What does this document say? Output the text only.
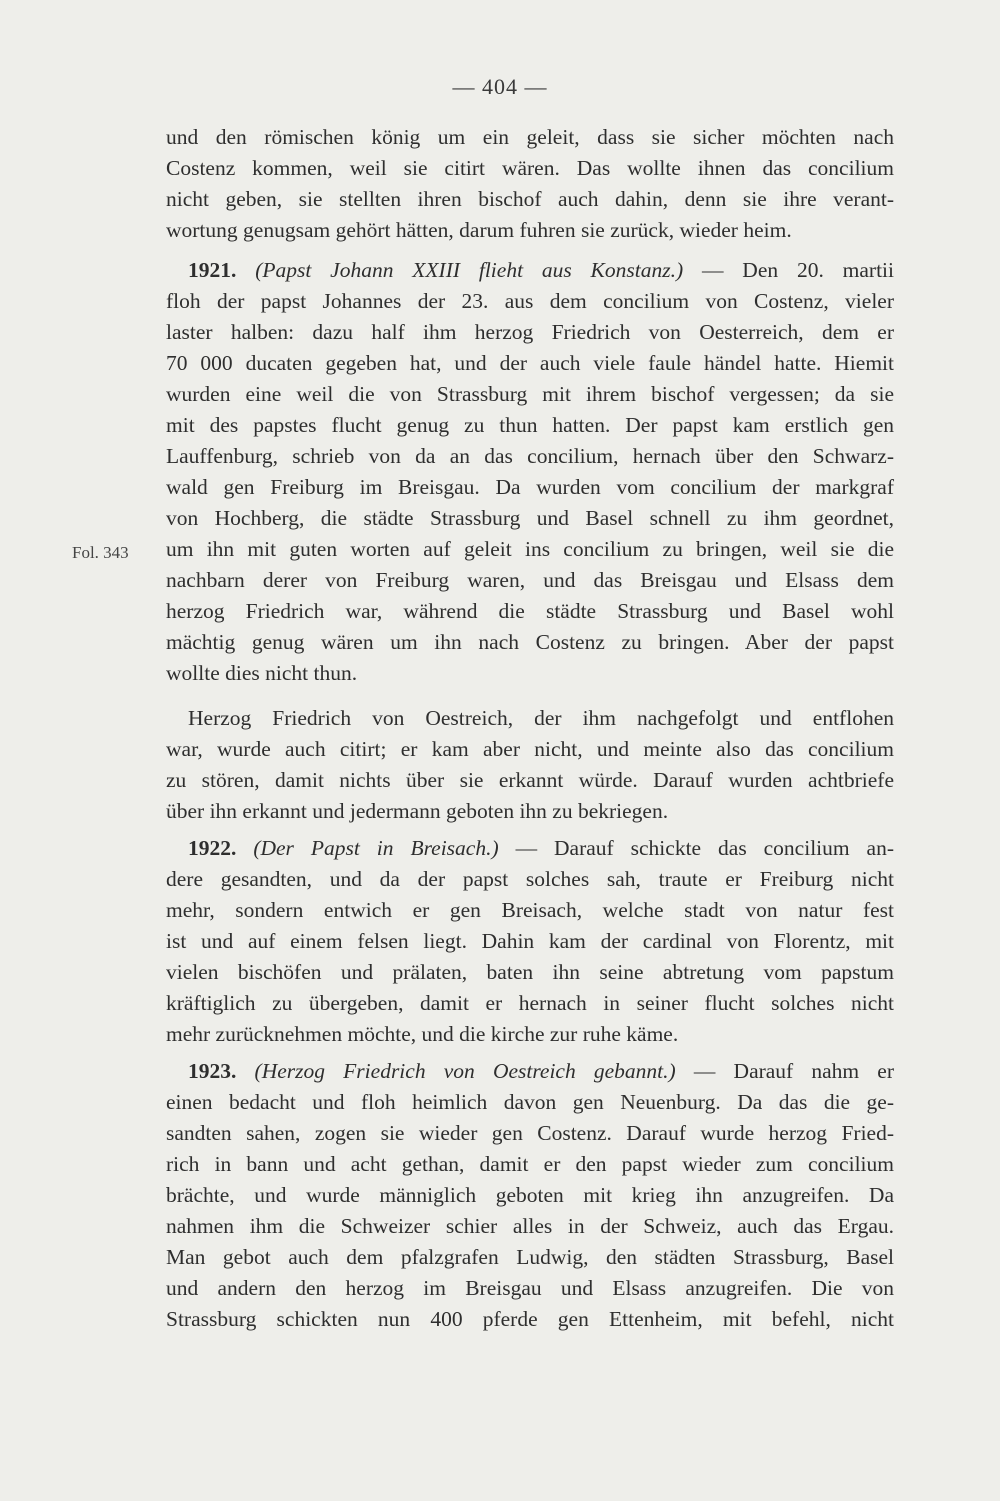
— 404 —
Fol. 343
und den römischen könig um ein geleit, dass sie sicher möchten nach
Costenz kommen, weil sie citirt wären. Das wollte ihnen das concilium
nicht geben, sie stellten ihren bischof auch dahin, denn sie ihre verant-
wortung genugsam gehört hätten, darum fuhren sie zurück, wieder heim.
1921. (Papst Johann XXIII flieht aus Konstanz.) — Den 20. martii
floh der papst Johannes der 23. aus dem concilium von Costenz, vieler
laster halben: dazu half ihm herzog Friedrich von Oesterreich, dem er
70 000 ducaten gegeben hat, und der auch viele faule händel hatte. Hiemit
wurden eine weil die von Strassburg mit ihrem bischof vergessen; da sie
mit des papstes flucht genug zu thun hatten. Der papst kam erstlich gen
Lauffenburg, schrieb von da an das concilium, hernach über den Schwarz-
wald gen Freiburg im Breisgau. Da wurden vom concilium der markgraf
von Hochberg, die städte Strassburg und Basel schnell zu ihm geordnet,
um ihn mit guten worten auf geleit ins concilium zu bringen, weil sie die
nachbarn derer von Freiburg waren, und das Breisgau und Elsass dem
herzog Friedrich war, während die städte Strassburg und Basel wohl
mächtig genug wären um ihn nach Costenz zu bringen. Aber der papst
wollte dies nicht thun.
Herzog Friedrich von Oestreich, der ihm nachgefolgt und entflohen
war, wurde auch citirt; er kam aber nicht, und meinte also das concilium
zu stören, damit nichts über sie erkannt würde. Darauf wurden achtbriefe
über ihn erkannt und jedermann geboten ihn zu bekriegen.
1922. (Der Papst in Breisach.) — Darauf schickte das concilium an-
dere gesandten, und da der papst solches sah, traute er Freiburg nicht
mehr, sondern entwich er gen Breisach, welche stadt von natur fest
ist und auf einem felsen liegt. Dahin kam der cardinal von Florentz, mit
vielen bischöfen und prälaten, baten ihn seine abtretung vom papstum
kräftiglich zu übergeben, damit er hernach in seiner flucht solches nicht
mehr zurücknehmen möchte, und die kirche zur ruhe käme.
1923. (Herzog Friedrich von Oestreich gebannt.) — Darauf nahm er
einen bedacht und floh heimlich davon gen Neuenburg. Da das die ge-
sandten sahen, zogen sie wieder gen Costenz. Darauf wurde herzog Fried-
rich in bann und acht gethan, damit er den papst wieder zum concilium
brächte, und wurde männiglich geboten mit krieg ihn anzugreifen. Da
nahmen ihm die Schweizer schier alles in der Schweiz, auch das Ergau.
Man gebot auch dem pfalzgrafen Ludwig, den städten Strassburg, Basel
und andern den herzog im Breisgau und Elsass anzugreifen. Die von
Strassburg schickten nun 400 pferde gen Ettenheim, mit befehl, nicht
